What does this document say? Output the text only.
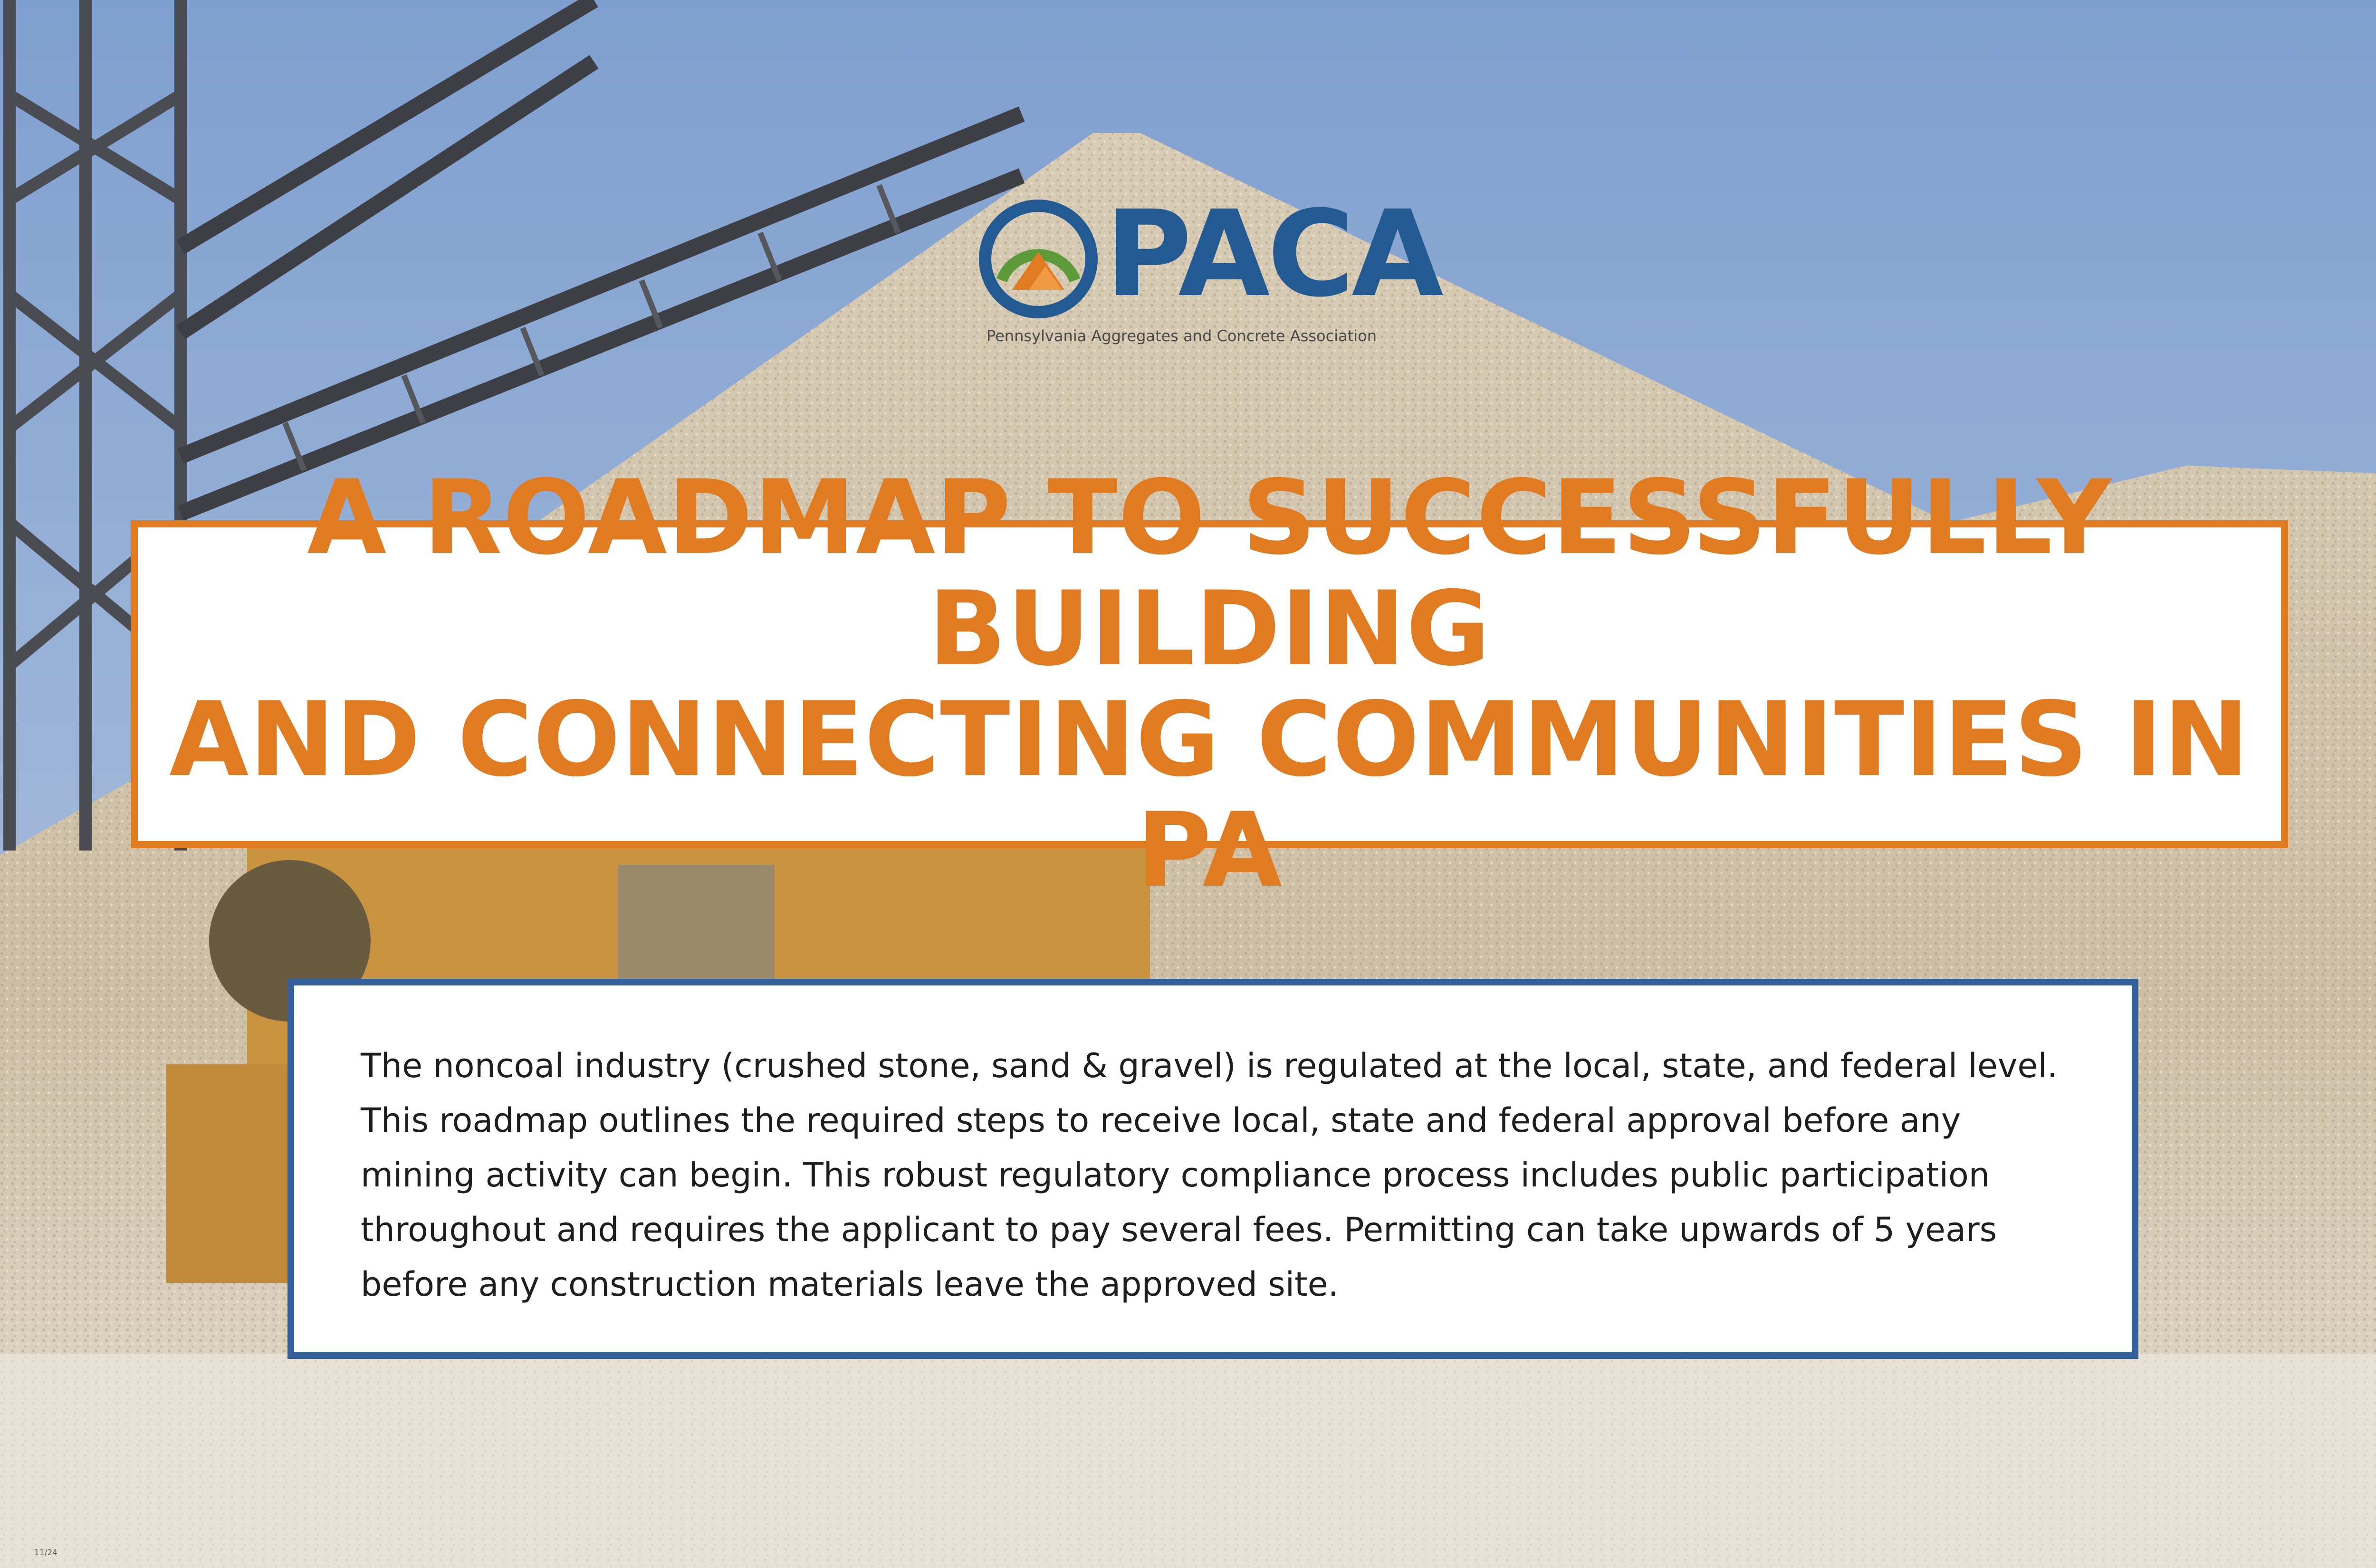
PACA
Pennsylvania Aggregates and Concrete Association
A ROADMAP TO SUCCESSFULLY BUILDING
AND CONNECTING COMMUNITIES IN PA

The noncoal industry (crushed stone, sand & gravel) is regulated at the local, state, and federal level. This roadmap outlines the required steps to receive local, state and federal approval before any mining activity can begin. This robust regulatory compliance process includes public participation throughout and requires the applicant to pay several fees. Permitting can take upwards of 5 years before any construction materials leave the approved site.

11/24
